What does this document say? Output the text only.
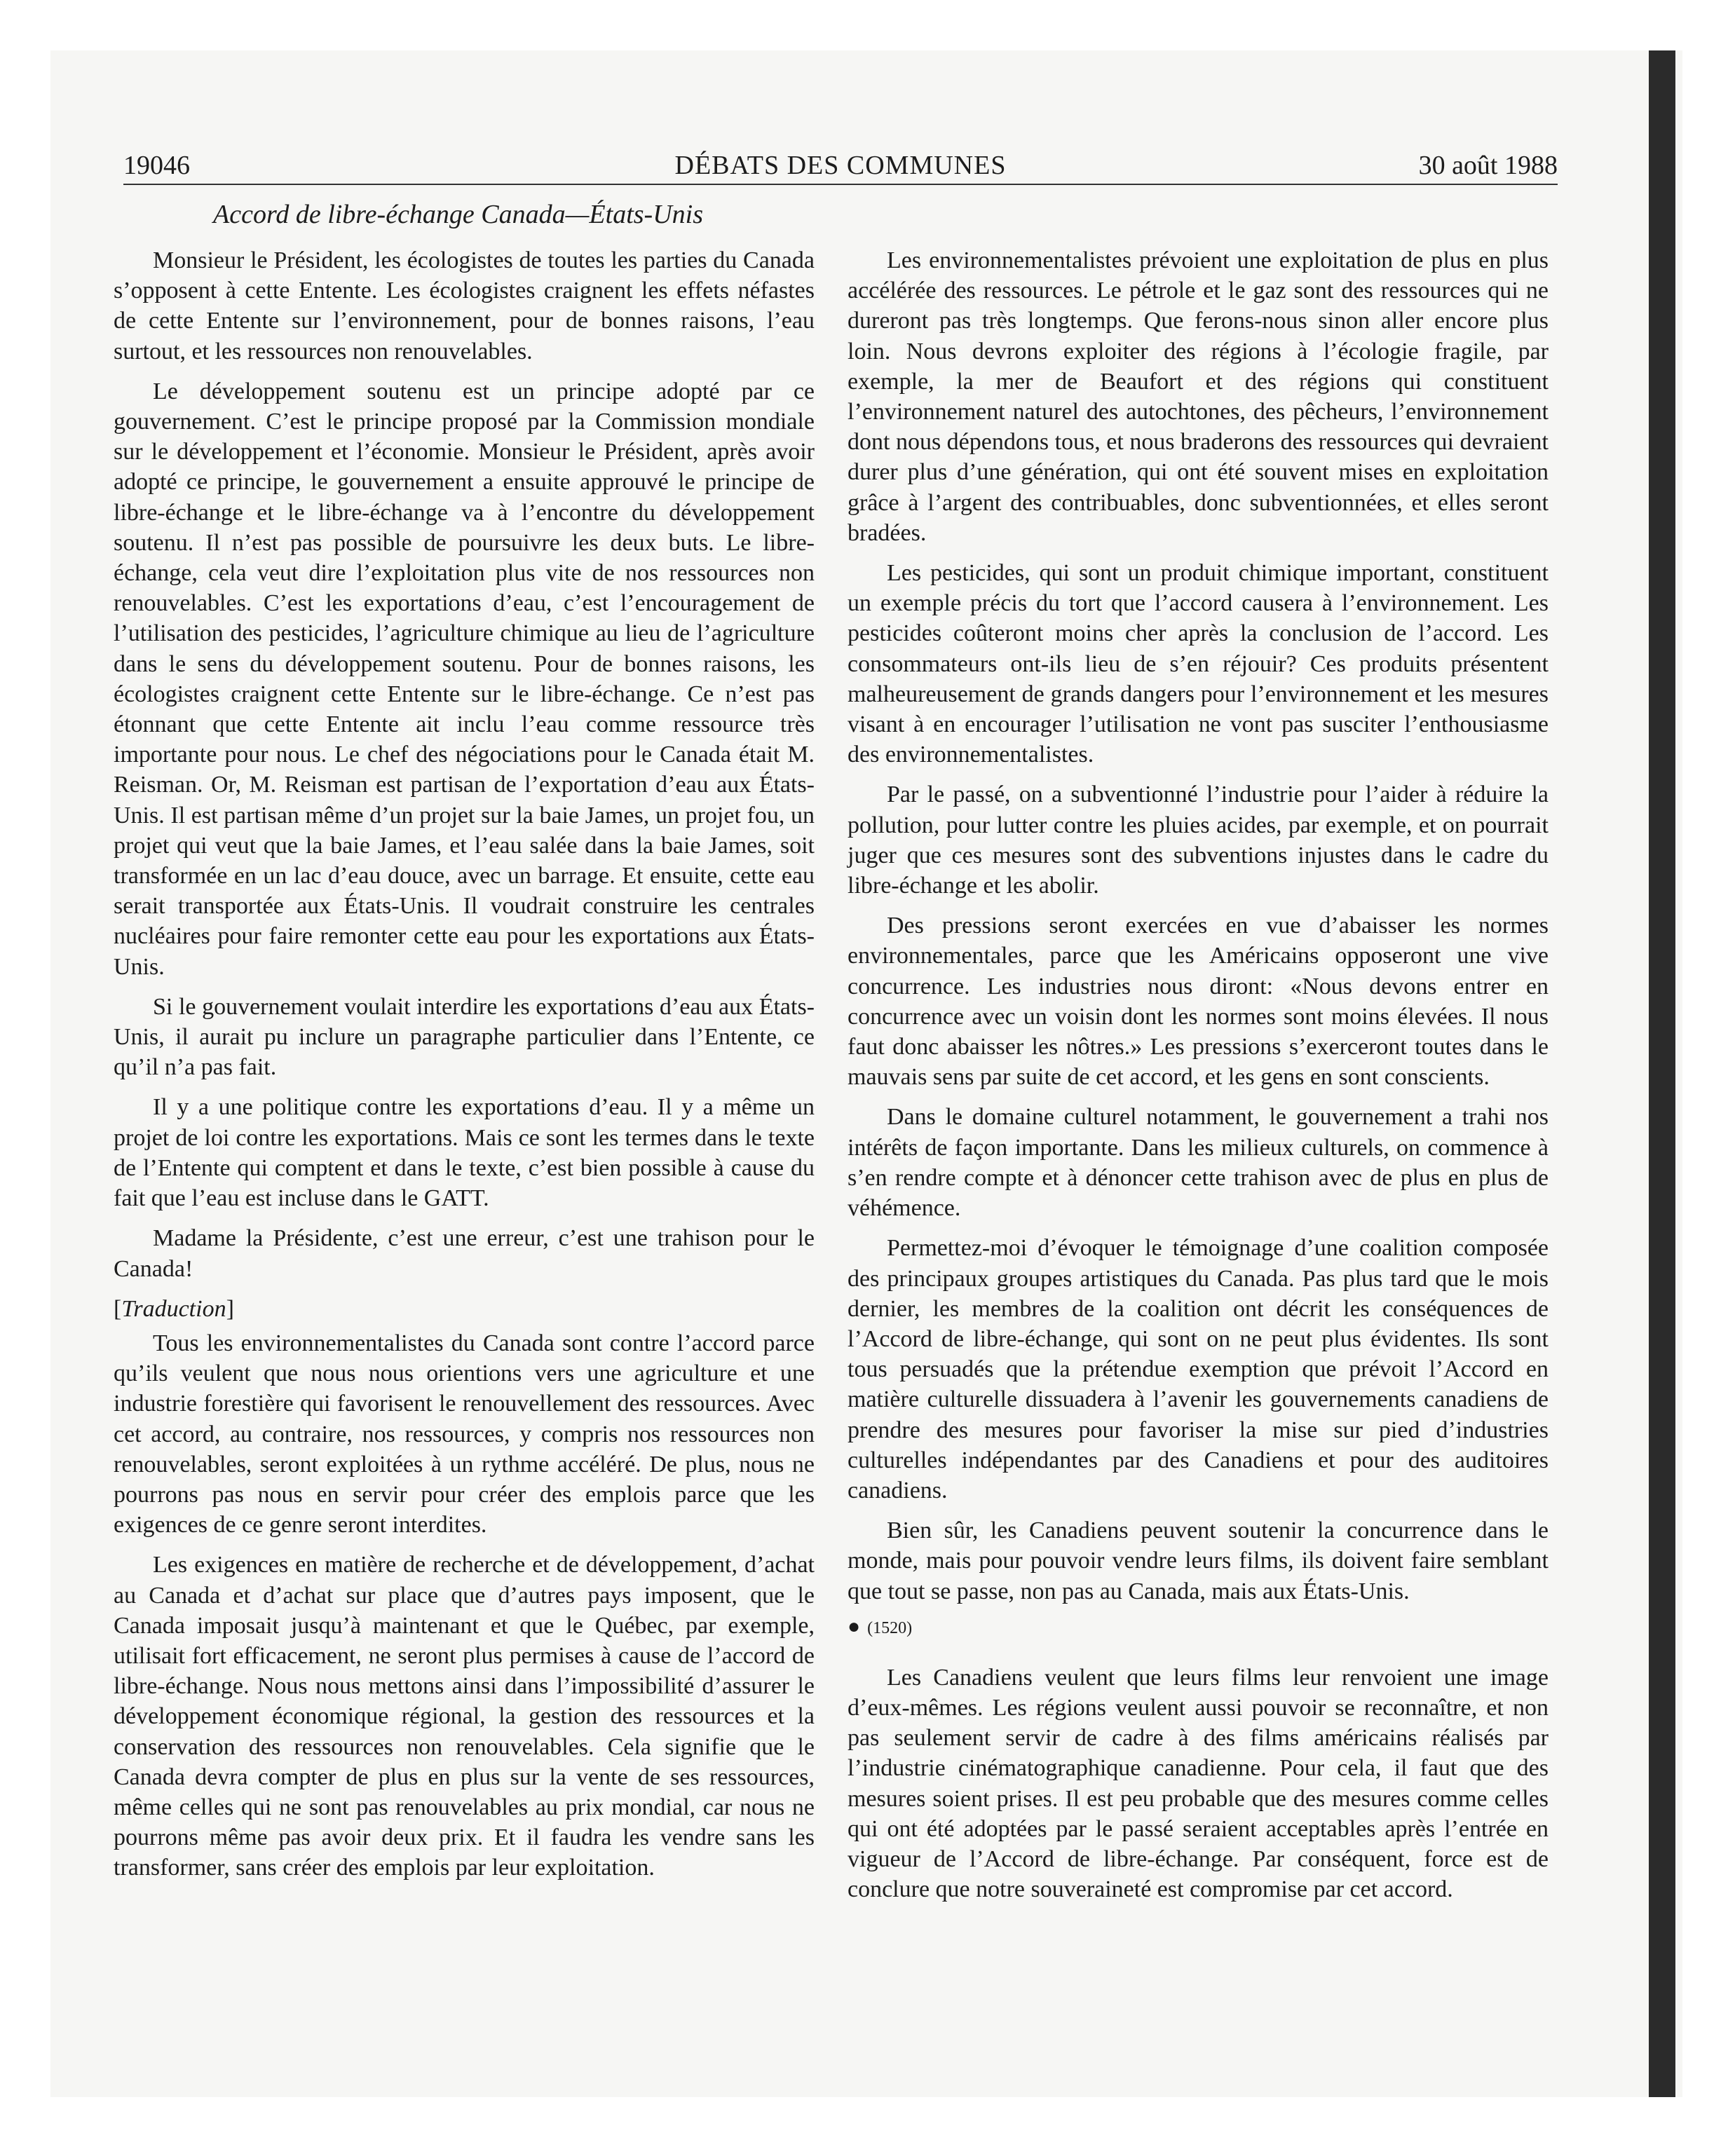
19046	DÉBATS DES COMMUNES	30 août 1988
Accord de libre-échange Canada—États-Unis

Monsieur le Président, les écologistes de toutes les parties du Canada s’opposent à cette Entente. Les écologistes craignent les effets néfastes de cette Entente sur l’environnement, pour de bonnes raisons, l’eau surtout, et les ressources non renouvelables.

Le développement soutenu est un principe adopté par ce gouvernement. C’est le principe proposé par la Commission mondiale sur le développement et l’économie. Monsieur le Président, après avoir adopté ce principe, le gouvernement a ensuite approuvé le principe de libre-échange et le libre-échange va à l’encontre du développement soutenu. Il n’est pas possible de poursuivre les deux buts. Le libre-échange, cela veut dire l’exploitation plus vite de nos ressources non renouvelables. C’est les exportations d’eau, c’est l’encouragement de l’utilisation des pesticides, l’agriculture chimique au lieu de l’agriculture dans le sens du développement soutenu. Pour de bonnes raisons, les écologistes craignent cette Entente sur le libre-échange. Ce n’est pas étonnant que cette Entente ait inclu l’eau comme ressource très importante pour nous. Le chef des négociations pour le Canada était M. Reisman. Or, M. Reisman est partisan de l’exportation d’eau aux États-Unis. Il est partisan même d’un projet sur la baie James, un projet fou, un projet qui veut que la baie James, et l’eau salée dans la baie James, soit transformée en un lac d’eau douce, avec un barrage. Et ensuite, cette eau serait transportée aux États-Unis. Il voudrait construire les centrales nucléaires pour faire remonter cette eau pour les exportations aux États-Unis.

Si le gouvernement voulait interdire les exportations d’eau aux États-Unis, il aurait pu inclure un paragraphe particulier dans l’Entente, ce qu’il n’a pas fait.

Il y a une politique contre les exportations d’eau. Il y a même un projet de loi contre les exportations. Mais ce sont les termes dans le texte de l’Entente qui comptent et dans le texte, c’est bien possible à cause du fait que l’eau est incluse dans le GATT.

Madame la Présidente, c’est une erreur, c’est une trahison pour le Canada!

[Traduction]

Tous les environnementalistes du Canada sont contre l’accord parce qu’ils veulent que nous nous orientions vers une agriculture et une industrie forestière qui favorisent le renouvellement des ressources. Avec cet accord, au contraire, nos ressources, y compris nos ressources non renouvelables, seront exploitées à un rythme accéléré. De plus, nous ne pourrons pas nous en servir pour créer des emplois parce que les exigences de ce genre seront interdites.

Les exigences en matière de recherche et de développement, d’achat au Canada et d’achat sur place que d’autres pays imposent, que le Canada imposait jusqu’à maintenant et que le Québec, par exemple, utilisait fort efficacement, ne seront plus permises à cause de l’accord de libre-échange. Nous nous mettons ainsi dans l’impossibilité d’assurer le développement économique régional, la gestion des ressources et la conservation des ressources non renouvelables. Cela signifie que le Canada devra compter de plus en plus sur la vente de ses ressources, même celles qui ne sont pas renouvelables au prix mondial, car nous ne pourrons même pas avoir deux prix. Et il faudra les vendre sans les transformer, sans créer des emplois par leur exploitation.

Les environnementalistes prévoient une exploitation de plus en plus accélérée des ressources. Le pétrole et le gaz sont des ressources qui ne dureront pas très longtemps. Que ferons-nous sinon aller encore plus loin. Nous devrons exploiter des régions à l’écologie fragile, par exemple, la mer de Beaufort et des régions qui constituent l’environnement naturel des autochtones, des pêcheurs, l’environnement dont nous dépendons tous, et nous braderons des ressources qui devraient durer plus d’une génération, qui ont été souvent mises en exploitation grâce à l’argent des contribuables, donc subventionnées, et elles seront bradées.

Les pesticides, qui sont un produit chimique important, constituent un exemple précis du tort que l’accord causera à l’environnement. Les pesticides coûteront moins cher après la conclusion de l’accord. Les consommateurs ont-ils lieu de s’en réjouir? Ces produits présentent malheureusement de grands dangers pour l’environnement et les mesures visant à en encourager l’utilisation ne vont pas susciter l’enthousiasme des environnementalistes.

Par le passé, on a subventionné l’industrie pour l’aider à réduire la pollution, pour lutter contre les pluies acides, par exemple, et on pourrait juger que ces mesures sont des subventions injustes dans le cadre du libre-échange et les abolir.

Des pressions seront exercées en vue d’abaisser les normes environnementales, parce que les Américains opposeront une vive concurrence. Les industries nous diront: «Nous devons entrer en concurrence avec un voisin dont les normes sont moins élevées. Il nous faut donc abaisser les nôtres.» Les pressions s’exerceront toutes dans le mauvais sens par suite de cet accord, et les gens en sont conscients.

Dans le domaine culturel notamment, le gouvernement a trahi nos intérêts de façon importante. Dans les milieux culturels, on commence à s’en rendre compte et à dénoncer cette trahison avec de plus en plus de véhémence.

Permettez-moi d’évoquer le témoignage d’une coalition composée des principaux groupes artistiques du Canada. Pas plus tard que le mois dernier, les membres de la coalition ont décrit les conséquences de l’Accord de libre-échange, qui sont on ne peut plus évidentes. Ils sont tous persuadés que la prétendue exemption que prévoit l’Accord en matière culturelle dissuadera à l’avenir les gouvernements canadiens de prendre des mesures pour favoriser la mise sur pied d’industries culturelles indépendantes par des Canadiens et pour des auditoires canadiens.

Bien sûr, les Canadiens peuvent soutenir la concurrence dans le monde, mais pour pouvoir vendre leurs films, ils doivent faire semblant que tout se passe, non pas au Canada, mais aux États-Unis.

● (1520)

Les Canadiens veulent que leurs films leur renvoient une image d’eux-mêmes. Les régions veulent aussi pouvoir se reconnaître, et non pas seulement servir de cadre à des films américains réalisés par l’industrie cinématographique canadienne. Pour cela, il faut que des mesures soient prises. Il est peu probable que des mesures comme celles qui ont été adoptées par le passé seraient acceptables après l’entrée en vigueur de l’Accord de libre-échange. Par conséquent, force est de conclure que notre souveraineté est compromise par cet accord.
